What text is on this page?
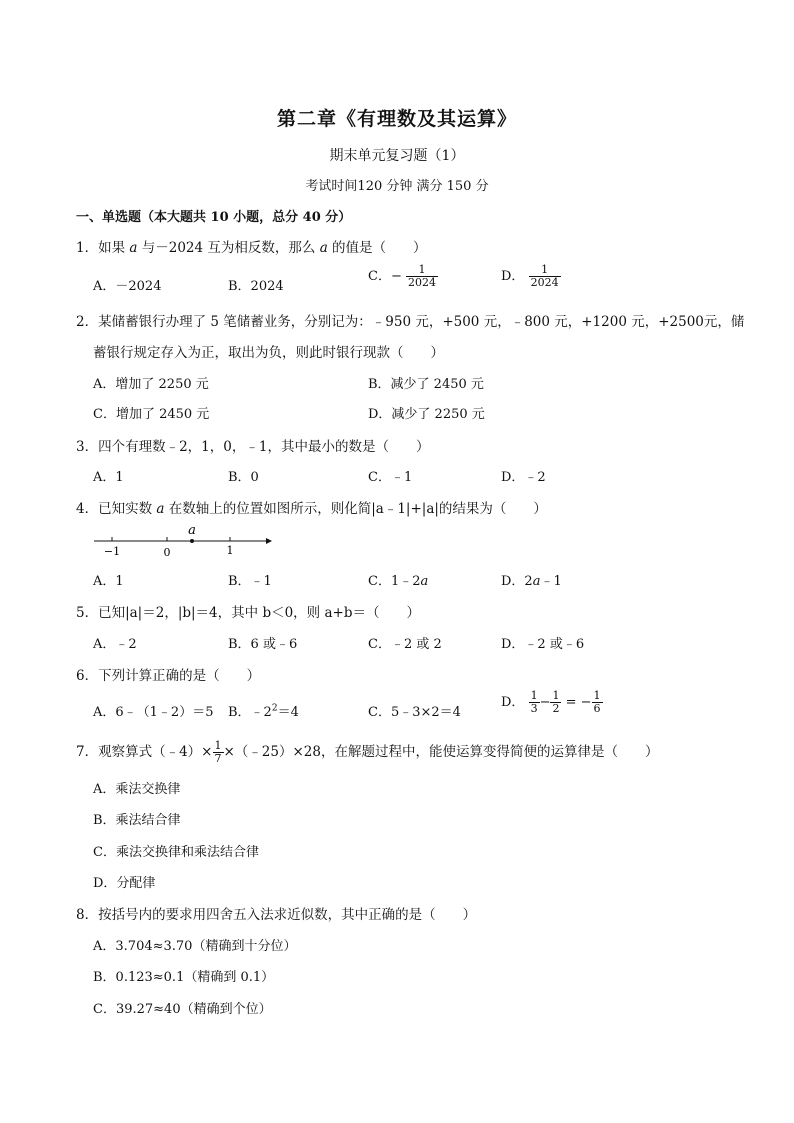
第二章《有理数及其运算》
期末单元复习题（1）
考试时间120 分钟 满分 150 分
一、单选题（本大题共 10 小题，总分 40 分）
1．如果 a 与－2024 互为相反数，那么 a 的值是（　　）
A．－2024	B．2024
C．− $\frac{1}{2024}$	D． $\frac{1}{2024}$
2．某储蓄银行办理了 5 笔储蓄业务，分别记为：﹣950 元，+500 元，﹣800 元，+1200 元，+2500元，储
蓄银行规定存入为正，取出为负，则此时银行现款（　　）
A．增加了 2250 元	B．减少了 2450 元
C．增加了 2450 元	D．减少了 2250 元
3．四个有理数﹣2，1，0，﹣1，其中最小的数是（　　）
A．1	B．0	C．﹣1	D．﹣2
4．已知实数 a 在数轴上的位置如图所示，则化简|a﹣1|+|a|的结果为（　　）
a
−1	0	1
A．1	B．﹣1	C．1﹣2a	D．2a﹣1
5．已知|a|＝2，|b|＝4，其中 b＜0，则 a+b＝（　　）
A．﹣2	B．6 或﹣6	C．﹣2 或 2	D．﹣2 或﹣6
6．下列计算正确的是（　　）
A．6﹣（1﹣2）＝5 B．$﹣2^2=4$	C．5﹣3×2＝4
D． $\frac{1}{3} - \frac{1}{2}$ = − $\frac{1}{6}$
7．观察算式（﹣4）× $\frac{1}{7}$ ×（﹣25）×28，在解题过程中，能使运算变得简便的运算律是（　　）
A．乘法交换律
B．乘法结合律
C．乘法交换律和乘法结合律
D．分配律
8．按括号内的要求用四舍五入法求近似数，其中正确的是（　　）
A．3.704≈3.70（精确到十分位）
B．0.123≈0.1（精确到 0.1）
C．39.27≈40（精确到个位）
